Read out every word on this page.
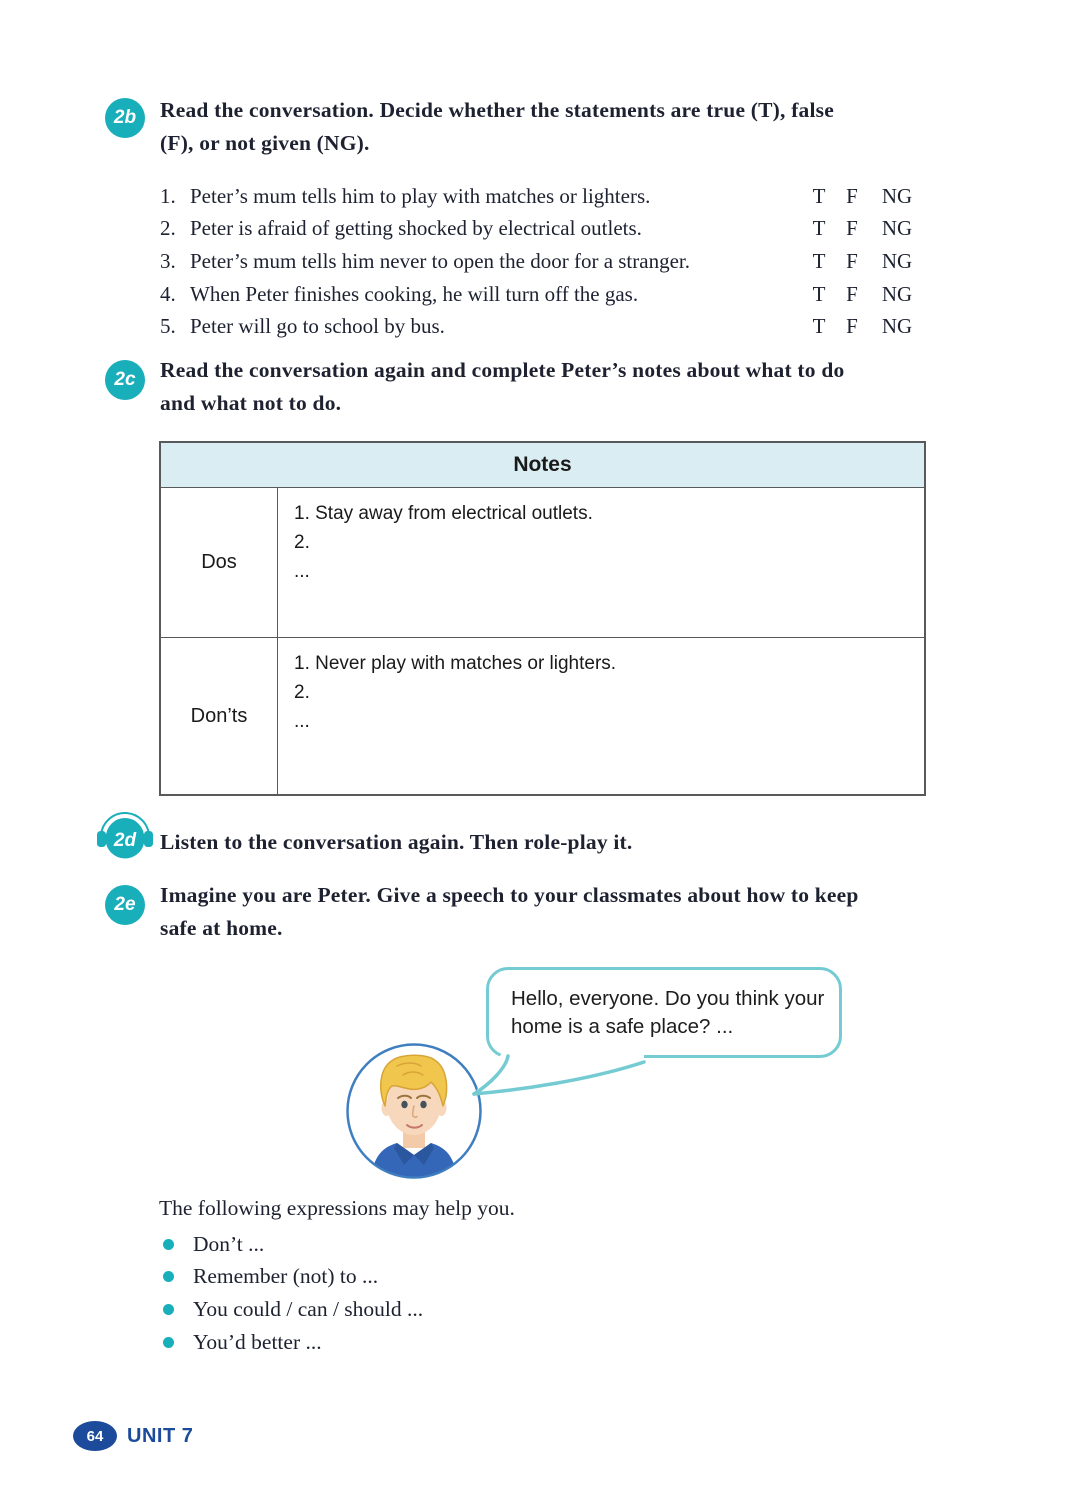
2b Read the conversation. Decide whether the statements are true (T), false
(F), or not given (NG).
1. Peter’s mum tells him to play with matches or lighters.	T F	NG
2. Peter is afraid of getting shocked by electrical outlets.	T F	NG
3. Peter’s mum tells him never to open the door for a stranger.	T F	NG
4. When Peter finishes cooking, he will turn off the gas.	T F	NG
5. Peter will go to school by bus.	T F	NG
2c Read the conversation again and complete Peter’s notes about what to do
and what not to do.
Notes
Dos
1. Stay away from electrical outlets.
2.
...
Don’ts
1. Never play with matches or lighters.
2.
...
2d Listen to the conversation again. Then role-play it.
2e Imagine you are Peter. Give a speech to your classmates about how to keep
safe at home.
Hello, everyone. Do you think your home is a safe place? ...
The following expressions may help you.
Don’t ...
Remember (not) to ...
You could / can / should ...
You’d better ...
64 UNIT 7
